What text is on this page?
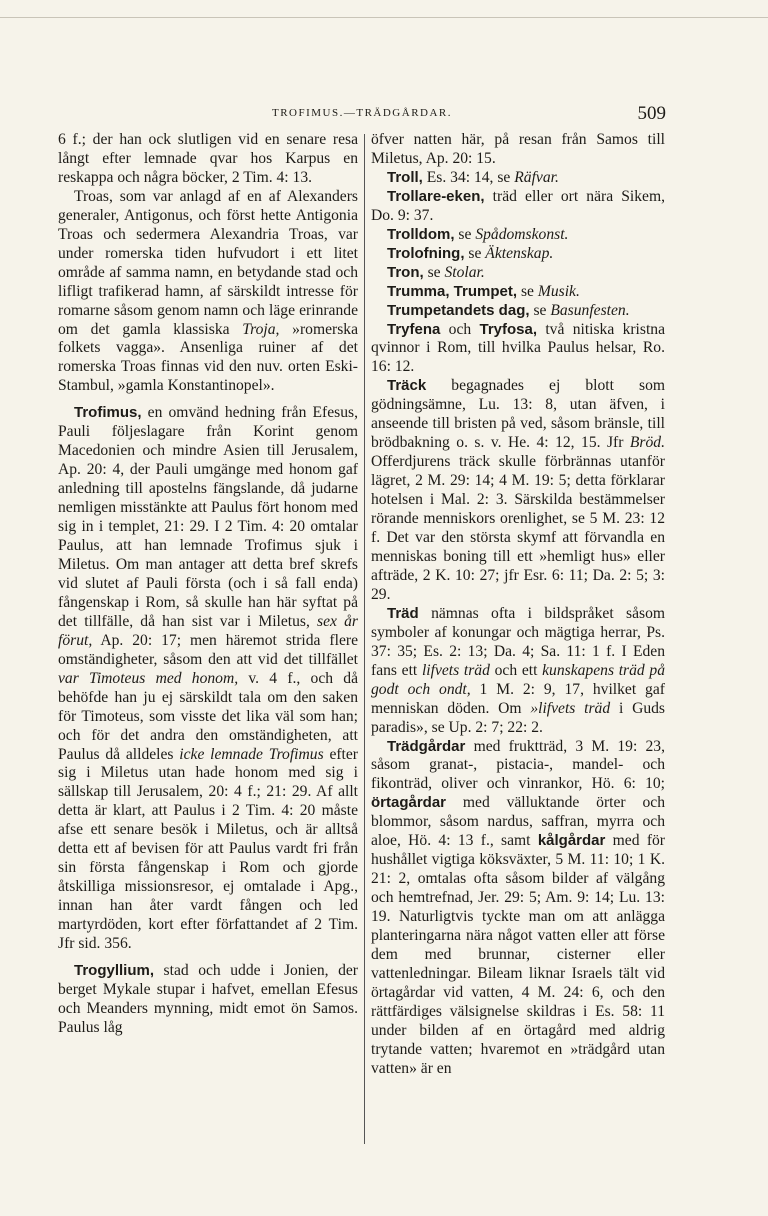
TROFIMUS.—TRÄDGÅRDAR.	509

6 f.; der han ock slutligen vid en senare resa långt efter lemnade qvar hos Karpus en reskappa och några böcker, 2 Tim. 4: 13.

Troas, som var anlagd af en af Alexanders generaler, Antigonus, och först hette Antigonia Troas och sedermera Alexandria Troas, var under romerska tiden hufvudort i ett litet område af samma namn, en betydande stad och lifligt trafikerad hamn, af särskildt intresse för romarne såsom genom namn och läge erinrande om det gamla klassiska Troja, »romerska folkets vagga». Ansenliga ruiner af det romerska Troas finnas vid den nuv. orten Eski-Stambul, »gamla Konstantinopel».

Trofimus, en omvänd hedning från Efesus, Pauli följeslagare från Korint genom Macedonien och mindre Asien till Jerusalem, Ap. 20: 4, der Pauli umgänge med honom gaf anledning till apostelns fängslande, då judarne nemligen misstänkte att Paulus fört honom med sig in i templet, 21: 29. I 2 Tim. 4: 20 omtalar Paulus, att han lemnade Trofimus sjuk i Miletus. Om man antager att detta bref skrefs vid slutet af Pauli första (och i så fall enda) fångenskap i Rom, så skulle han här syftat på det tillfälle, då han sist var i Miletus, sex år förut, Ap. 20: 17; men häremot strida flere omständigheter, såsom den att vid det tillfället var Timoteus med honom, v. 4 f., och då behöfde han ju ej särskildt tala om den saken för Timoteus, som visste det lika väl som han; och för det andra den omständigheten, att Paulus då alldeles icke lemnade Trofimus efter sig i Miletus utan hade honom med sig i sällskap till Jerusalem, 20: 4 f.; 21: 29. Af allt detta är klart, att Paulus i 2 Tim. 4: 20 måste afse ett senare besök i Miletus, och är alltså detta ett af bevisen för att Paulus vardt fri från sin första fångenskap i Rom och gjorde åtskilliga missionsresor, ej omtalade i Apg., innan han åter vardt fången och led martyrdöden, kort efter författandet af 2 Tim. Jfr sid. 356.

Trogyllium, stad och udde i Jonien, der berget Mykale stupar i hafvet, emellan Efesus och Meanders mynning, midt emot ön Samos. Paulus låg

öfver natten här, på resan från Samos till Miletus, Ap. 20: 15.

Troll, Es. 34: 14, se Räfvar.

Trollare-eken, träd eller ort nära Sikem, Do. 9: 37.

Trolldom, se Spådomskonst.

Trolofning, se Äktenskap.

Tron, se Stolar.

Trumma, Trumpet, se Musik.

Trumpetandets dag, se Basunfesten.

Tryfena och Tryfosa, två nitiska kristna qvinnor i Rom, till hvilka Paulus helsar, Ro. 16: 12.

Träck begagnades ej blott som gödningsämne, Lu. 13: 8, utan äfven, i anseende till bristen på ved, såsom bränsle, till brödbakning o. s. v. He. 4: 12, 15. Jfr Bröd. Offerdjurens träck skulle förbrännas utanför lägret, 2 M. 29: 14; 4 M. 19: 5; detta förklarar hotelsen i Mal. 2: 3. Särskilda bestämmelser rörande menniskors orenlighet, se 5 M. 23: 12 f. Det var den största skymf att förvandla en menniskas boning till ett »hemligt hus» eller afträde, 2 K. 10: 27; jfr Esr. 6: 11; Da. 2: 5; 3: 29.

Träd nämnas ofta i bildspråket såsom symboler af konungar och mägtiga herrar, Ps. 37: 35; Es. 2: 13; Da. 4; Sa. 11: 1 f. I Eden fans ett lifvets träd och ett kunskapens träd på godt och ondt, 1 M. 2: 9, 17, hvilket gaf menniskan döden. Om »lifvets träd i Guds paradis», se Up. 2: 7; 22: 2.

Trädgårdar med fruktträd, 3 M. 19: 23, såsom granat-, pistacia-, mandel- och fikonträd, oliver och vinrankor, Hö. 6: 10; örtagårdar med välluktande örter och blommor, såsom nardus, saffran, myrra och aloe, Hö. 4: 13 f., samt kålgårdar med för hushållet vigtiga köksväxter, 5 M. 11: 10; 1 K. 21: 2, omtalas ofta såsom bilder af välgång och hemtrefnad, Jer. 29: 5; Am. 9: 14; Lu. 13: 19. Naturligtvis tyckte man om att anlägga planteringarna nära något vatten eller att förse dem med brunnar, cisterner eller vattenledningar. Bileam liknar Israels tält vid örtagårdar vid vatten, 4 M. 24: 6, och den rättfärdiges välsignelse skildras i Es. 58: 11 under bilden af en örtagård med aldrig trytande vatten; hvaremot en »trädgård utan vatten» är en
